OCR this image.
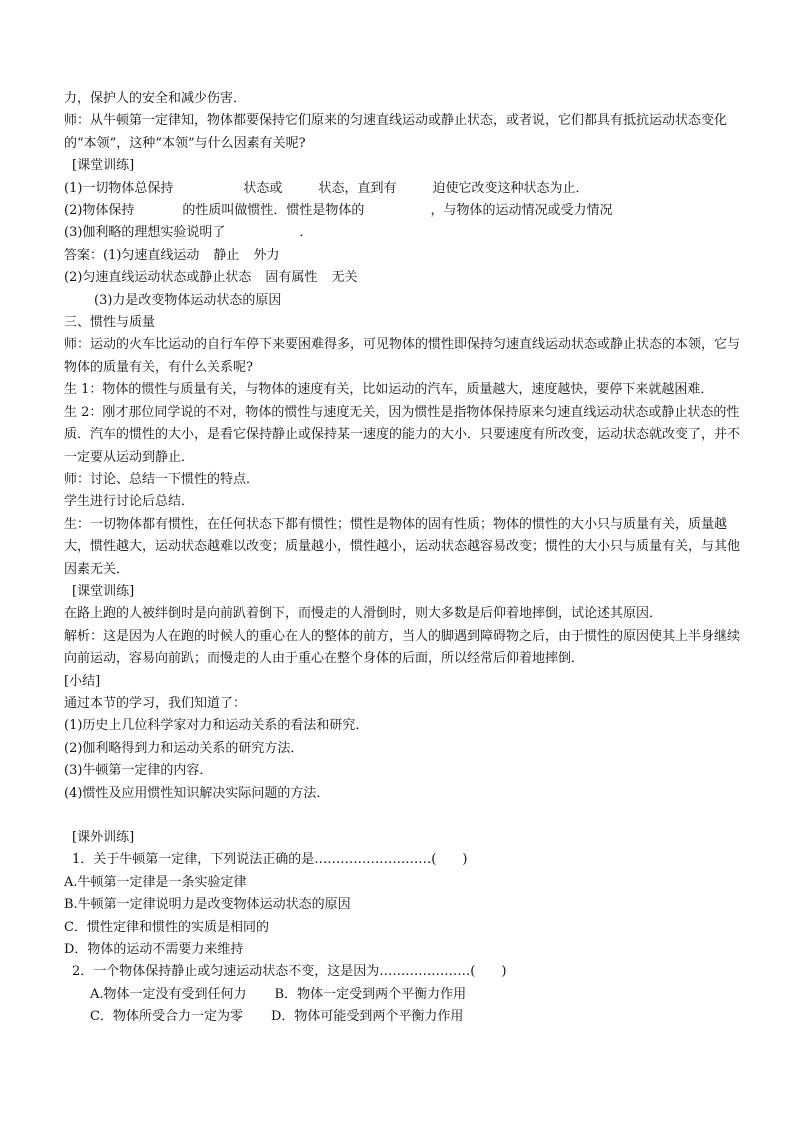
力，保护人的安全和减少伤害．
师：从牛顿第一定律知，物体都要保持它们原来的匀速直线运动或静止状态，或者说，它们都具有抵抗运动状态变化的“本领”，这种“本领”与什么因素有关呢?
[课堂训练]
(1)一切物体总保持	状态或	状态，直到有	迫使它改变这种状态为止．
(2)物体保持	的性质叫做惯性．惯性是物体的	，与物体的运动情况或受力情况
(3)伽利略的理想实验说明了	．
答案：(1)匀速直线运动 静止 外力
(2)匀速直线运动状态或静止状态 固有属性 无关
(3)力是改变物体运动状态的原因
三、惯性与质量
师：运动的火车比运动的自行车停下来要困难得多，可见物体的惯性即保持匀速直线运动状态或静止状态的本领，它与物体的质量有关，有什么关系呢?
生 1：物体的惯性与质量有关，与物体的速度有关，比如运动的汽车，质量越大，速度越快，要停下来就越困难．
生 2：刚才那位同学说的不对，物体的惯性与速度无关，因为惯性是指物体保持原来匀速直线运动状态或静止状态的性质．汽车的惯性的大小，是看它保持静止或保持某一速度的能力的大小．只要速度有所改变，运动状态就改变了，并不一定要从运动到静止．
师：讨论、总结一下惯性的特点．
学生进行讨论后总结．
生：一切物体都有惯性，在任何状态下都有惯性；惯性是物体的固有性质；物体的惯性的大小只与质量有关，质量越大，惯性越大，运动状态越难以改变；质量越小，惯性越小，运动状态越容易改变；惯性的大小只与质量有关，与其他因素无关．
[课堂训练]
在路上跑的人被绊倒时是向前趴着倒下，而慢走的人滑倒时，则大多数是后仰着地摔倒，试论述其原因．
解析：这是因为人在跑的时候人的重心在人的整体的前方，当人的脚遇到障碍物之后，由于惯性的原因使其上半身继续向前运动，容易向前趴；而慢走的人由于重心在整个身体的后面，所以经常后仰着地摔倒．
[小结]
通过本节的学习，我们知道了：
(1)历史上几位科学家对力和运动关系的看法和研究．
(2)伽利略得到力和运动关系的研究方法．
(3)牛顿第一定律的内容．
(4)惯性及应用惯性知识解决实际问题的方法．
[课外训练]
1．关于牛顿第一定律，下列说法正确的是………………………(　　)
A.牛顿第一定律是一条实验定律
B.牛顿第一定律说明力是改变物体运动状态的原因
C．惯性定律和惯性的实质是相同的
D．物体的运动不需要力来维持
2．一个物体保持静止或匀速运动状态不变，这是因为…………………(　　)
A.物体一定没有受到任何力 B．物体一定受到两个平衡力作用
C．物体所受合力一定为零 D．物体可能受到两个平衡力作用
